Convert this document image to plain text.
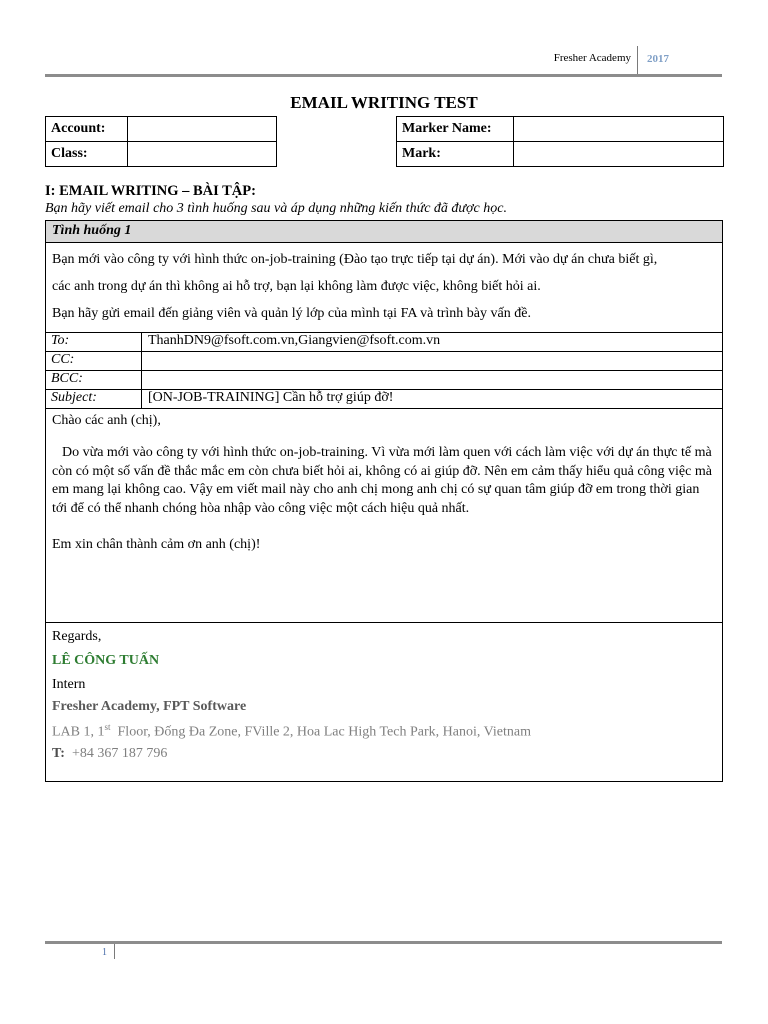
Fresher Academy 2017
EMAIL WRITING TEST
Account:	
Class:	
Marker Name:	
Mark:	
I: EMAIL WRITING – BÀI TẬP:
Bạn hãy viết email cho 3 tình huống sau và áp dụng những kiến thức đã được học.
Tình huống 1
Bạn mới vào công ty với hình thức on-job-training (Đào tạo trực tiếp tại dự án). Mới vào dự án chưa biết gì,
các anh trong dự án thì không ai hỗ trợ, bạn lại không làm được việc, không biết hỏi ai.
Bạn hãy gửi email đến giảng viên và quản lý lớp của mình tại FA và trình bày vấn đề.
To:	ThanhDN9@fsoft.com.vn,Giangvien@fsoft.com.vn
CC:
BCC:
Subject:	[ON-JOB-TRAINING] Cần hỗ trợ giúp đỡ!
Chào các anh (chị),
Do vừa mới vào công ty với hình thức on-job-training. Vì vừa mới làm quen với cách làm việc với dự án thực tế mà còn có một số vấn đề thắc mắc em còn chưa biết hỏi ai, không có ai giúp đỡ. Nên em cảm thấy hiểu quả công việc mà em mang lại không cao. Vậy em viết mail này cho anh chị mong anh chị có sự quan tâm giúp đỡ em trong thời gian tới để có thể nhanh chóng hòa nhập vào công việc một cách hiệu quả nhất.
Em xin chân thành cảm ơn anh (chị)!
Regards,
LÊ CÔNG TUẤN
Intern
Fresher Academy, FPT Software
LAB 1, 1st  Floor, Đống Đa Zone, FVille 2, Hoa Lac High Tech Park, Hanoi, Vietnam
T:  +84 367 187 796
1
